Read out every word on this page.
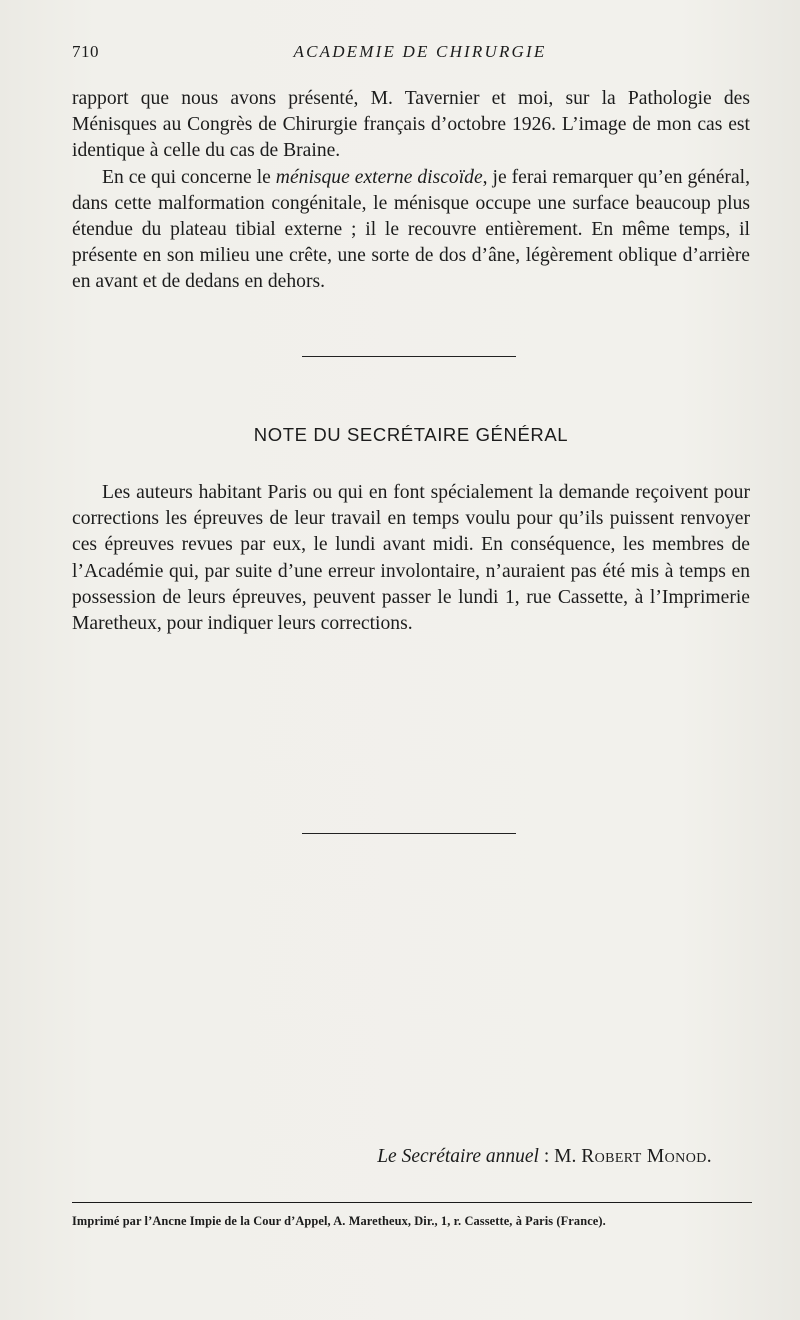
710	ACADEMIE DE CHIRURGIE

rapport que nous avons présenté, M. Tavernier et moi, sur la Pathologie des Ménisques au Congrès de Chirurgie français d’octobre 1926. L’image de mon cas est identique à celle du cas de Braine.

En ce qui concerne le ménisque externe discoïde, je ferai remarquer qu’en général, dans cette malformation congénitale, le ménisque occupe une surface beaucoup plus étendue du plateau tibial externe ; il le recouvre entièrement. En même temps, il présente en son milieu une crête, une sorte de dos d’âne, légèrement oblique d’arrière en avant et de dedans en dehors.

NOTE DU SECRÉTAIRE GÉNÉRAL

Les auteurs habitant Paris ou qui en font spécialement la demande reçoivent pour corrections les épreuves de leur travail en temps voulu pour qu’ils puissent renvoyer ces épreuves revues par eux, le lundi avant midi. En conséquence, les membres de l’Académie qui, par suite d’une erreur involontaire, n’auraient pas été mis à temps en possession de leurs épreuves, peuvent passer le lundi 1, rue Cassette, à l’Imprimerie Maretheux, pour indiquer leurs corrections.

Le Secrétaire annuel : M. Robert Monod.
Imprimé par l’Ancne Impie de la Cour d’Appel, A. Maretheux, Dir., 1, r. Cassette, à Paris (France).
